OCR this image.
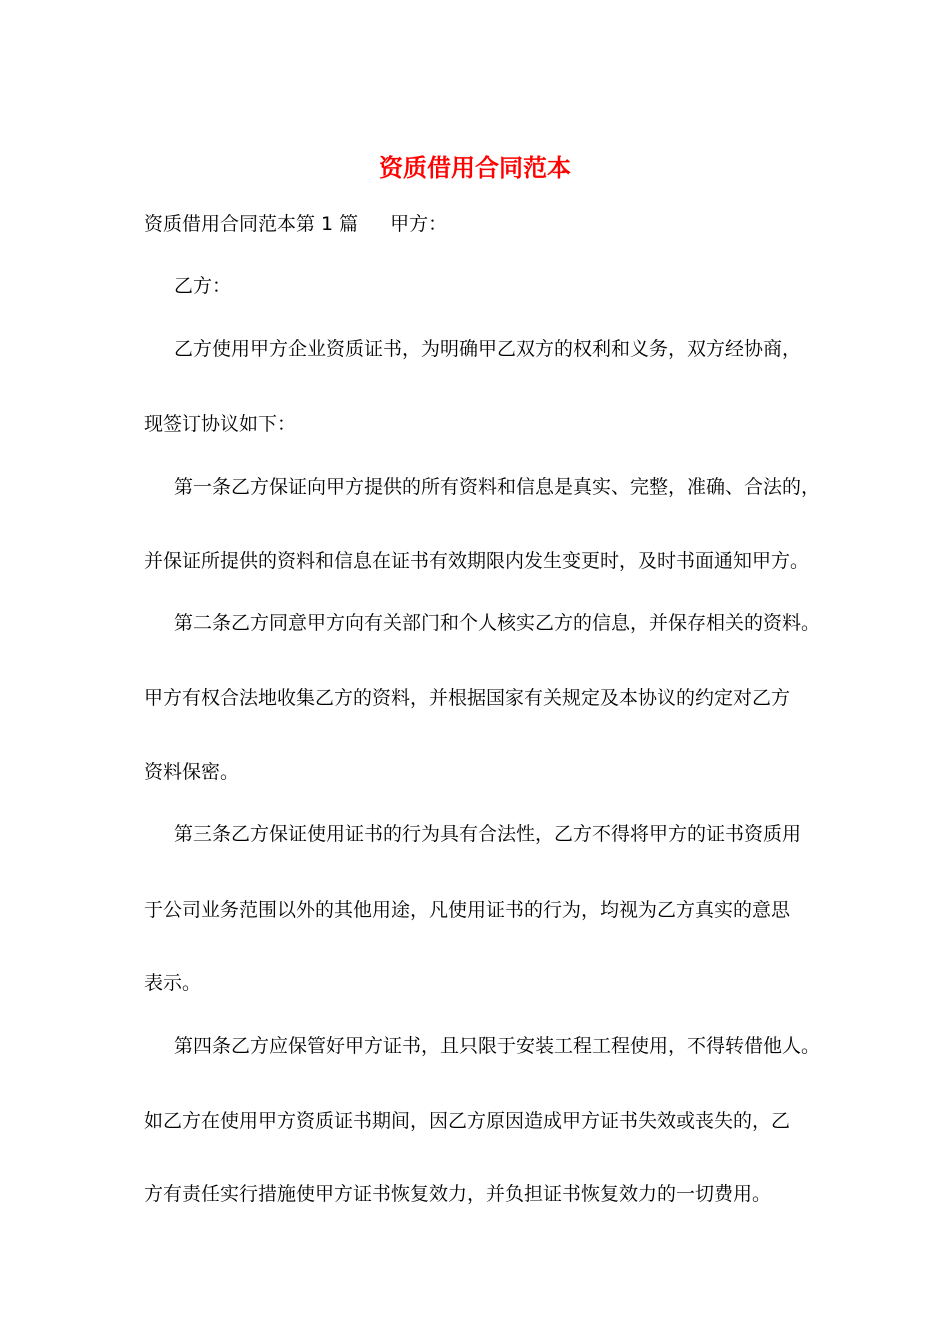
资质借用合同范本

资质借用合同范本第 1 篇 甲方：

乙方：

乙方使用甲方企业资质证书，为明确甲乙双方的权利和义务，双方经协商，

现签订协议如下：

第一条乙方保证向甲方提供的所有资料和信息是真实、完整，准确、合法的，

并保证所提供的资料和信息在证书有效期限内发生变更时，及时书面通知甲方。

第二条乙方同意甲方向有关部门和个人核实乙方的信息，并保存相关的资料。

甲方有权合法地收集乙方的资料，并根据国家有关规定及本协议的约定对乙方

资料保密。

第三条乙方保证使用证书的行为具有合法性，乙方不得将甲方的证书资质用

于公司业务范围以外的其他用途，凡使用证书的行为，均视为乙方真实的意思

表示。

第四条乙方应保管好甲方证书，且只限于安装工程工程使用，不得转借他人。

如乙方在使用甲方资质证书期间，因乙方原因造成甲方证书失效或丧失的，乙

方有责任实行措施使甲方证书恢复效力，并负担证书恢复效力的一切费用。
